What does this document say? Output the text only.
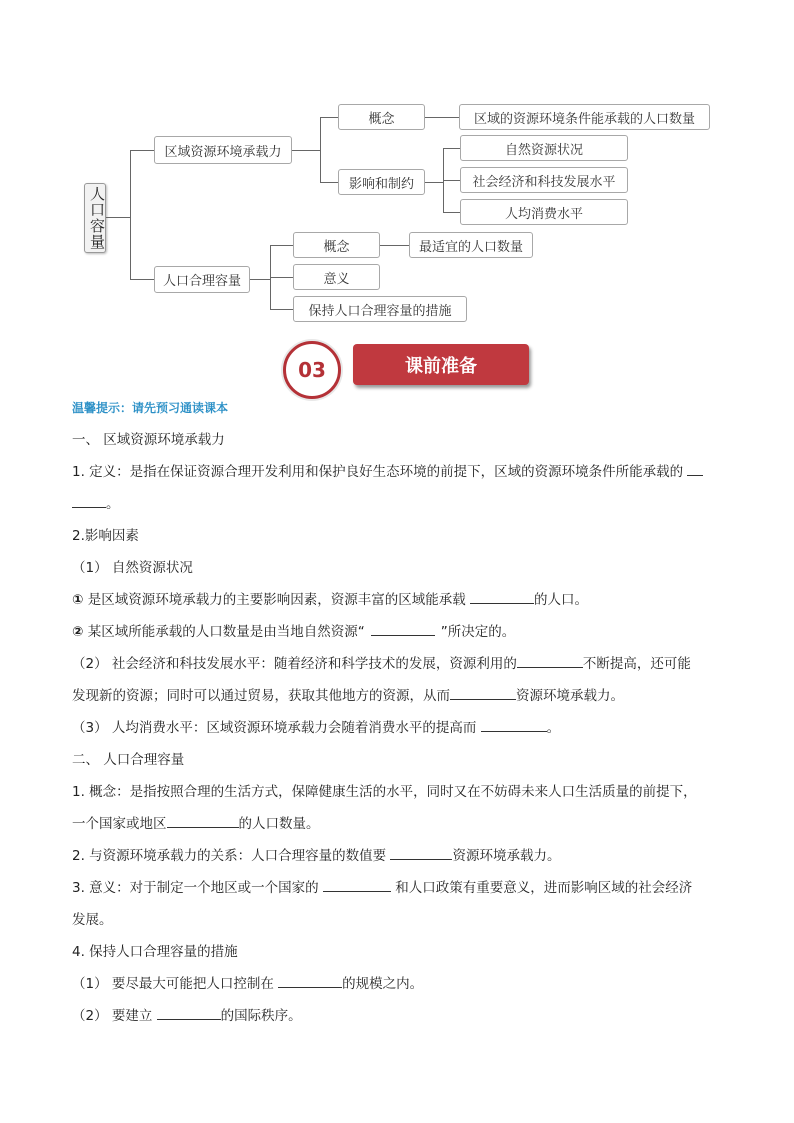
人口容量
区域资源环境承载力
概念	区域的资源环境条件能承载的人口数量
影响和制约
自然资源状况
社会经济和科技发展水平
人均消费水平
人口合理容量
概念	最适宜的人口数量
意义
保持人口合理容量的措施
课前准备
03
温馨提示：请先预习通读课本
一、 区域资源环境承载力
1. 定义：是指在保证资源合理开发利用和保护良好生态环境的前提下，区域的资源环境条件所能承载的
。
2.影响因素
（1） 自然资源状况
① 是区域资源环境承载力的主要影响因素，资源丰富的区域能承载	的人口。
② 某区域所能承载的人口数量是由当地自然资源“	”所决定的。
（2） 社会经济和科技发展水平：随着经济和科学技术的发展，资源利用的	不断提高，还可能
发现新的资源；同时可以通过贸易，获取其他地方的资源，从而	资源环境承载力。
（3） 人均消费水平：区域资源环境承载力会随着消费水平的提高而	。
二、 人口合理容量
1. 概念：是指按照合理的生活方式，保障健康生活的水平，同时又在不妨碍未来人口生活质量的前提下，
一个国家或地区	的人口数量。
2. 与资源环境承载力的关系：人口合理容量的数值要	资源环境承载力。
3. 意义：对于制定一个地区或一个国家的	和人口政策有重要意义，进而影响区域的社会经济
发展。
4. 保持人口合理容量的措施
（1） 要尽最大可能把人口控制在	的规模之内。
（2） 要建立	的国际秩序。
